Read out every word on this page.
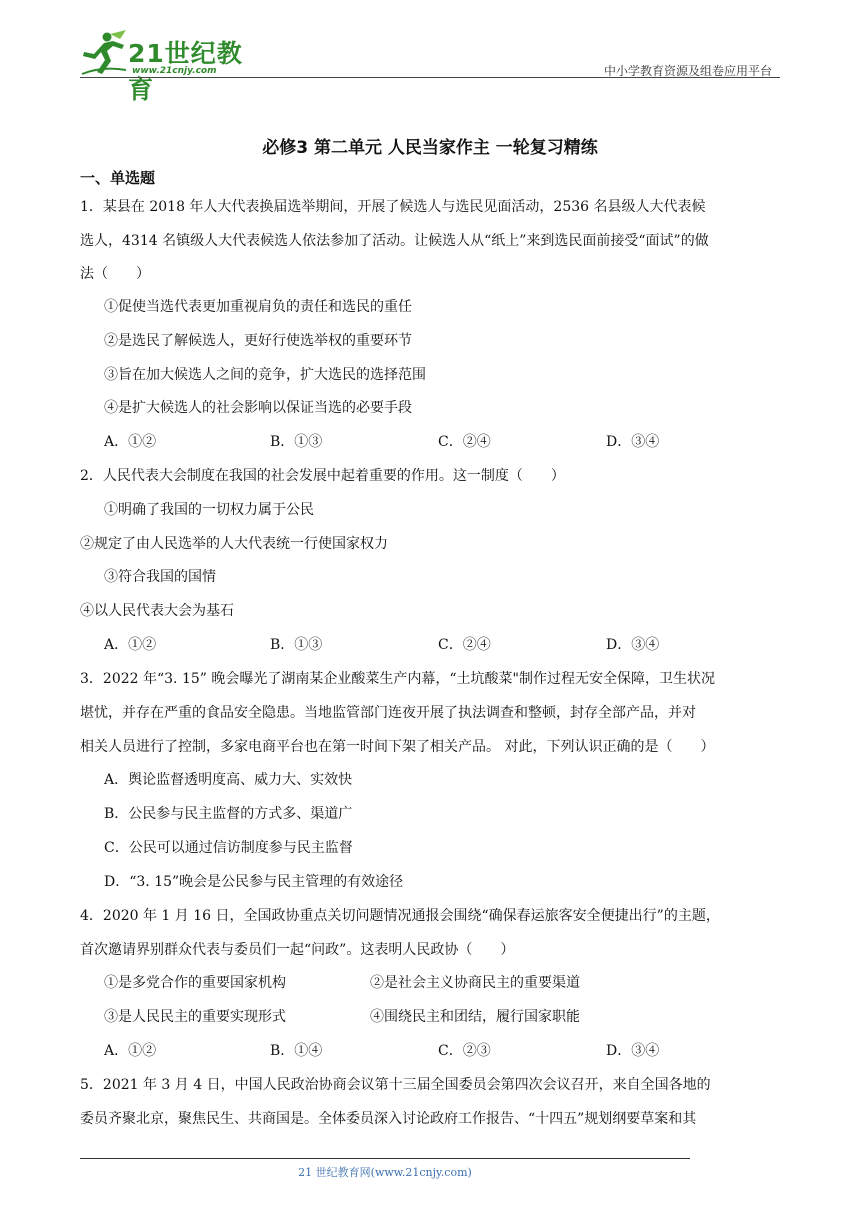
21世纪教育
www.21cnjy.com	中小学教育资源及组卷应用平台
必修3 第二单元 人民当家作主 一轮复习精练
一、单选题
1．某县在 2018 年人大代表换届选举期间，开展了候选人与选民见面活动，2536 名县级人大代表候
选人，4314 名镇级人大代表候选人依法参加了活动。让候选人从“纸上”来到选民面前接受“面试”的做
法（　　）
①促使当选代表更加重视肩负的责任和选民的重任
②是选民了解候选人，更好行使选举权的重要环节
③旨在加大候选人之间的竞争，扩大选民的选择范围
④是扩大候选人的社会影响以保证当选的必要手段
A．①②	B．①③	C．②④	D．③④
2．人民代表大会制度在我国的社会发展中起着重要的作用。这一制度（　　）
①明确了我国的一切权力属于公民
②规定了由人民选举的人大代表统一行使国家权力
③符合我国的国情
④以人民代表大会为基石
A．①②	B．①③	C．②④	D．③④
3．2022 年“3. 15” 晚会曝光了湖南某企业酸菜生产内幕，“土坑酸菜"制作过程无安全保障，卫生状况
堪忧，并存在严重的食品安全隐患。当地监管部门连夜开展了执法调查和整顿，封存全部产品，并对
相关人员进行了控制，多家电商平台也在第一时间下架了相关产品。 对此，下列认识正确的是（　　）
A．舆论监督透明度高、威力大、实效快
B．公民参与民主监督的方式多、渠道广
C．公民可以通过信访制度参与民主监督
D．“3. 15”晚会是公民参与民主管理的有效途径
4．2020 年 1 月 16 日，全国政协重点关切问题情况通报会围绕“确保春运旅客安全便捷出行”的主题，
首次邀请界别群众代表与委员们一起“问政”。这表明人民政协（　　）
①是多党合作的重要国家机构	②是社会主义协商民主的重要渠道
③是人民民主的重要实现形式	④围绕民主和团结，履行国家职能
A．①②	B．①④	C．②③	D．③④
5．2021 年 3 月 4 日，中国人民政治协商会议第十三届全国委员会第四次会议召开，来自全国各地的
委员齐聚北京，聚焦民生、共商国是。全体委员深入讨论政府工作报告、“十四五”规划纲要草案和其
21 世纪教育网(www.21cnjy.com)
